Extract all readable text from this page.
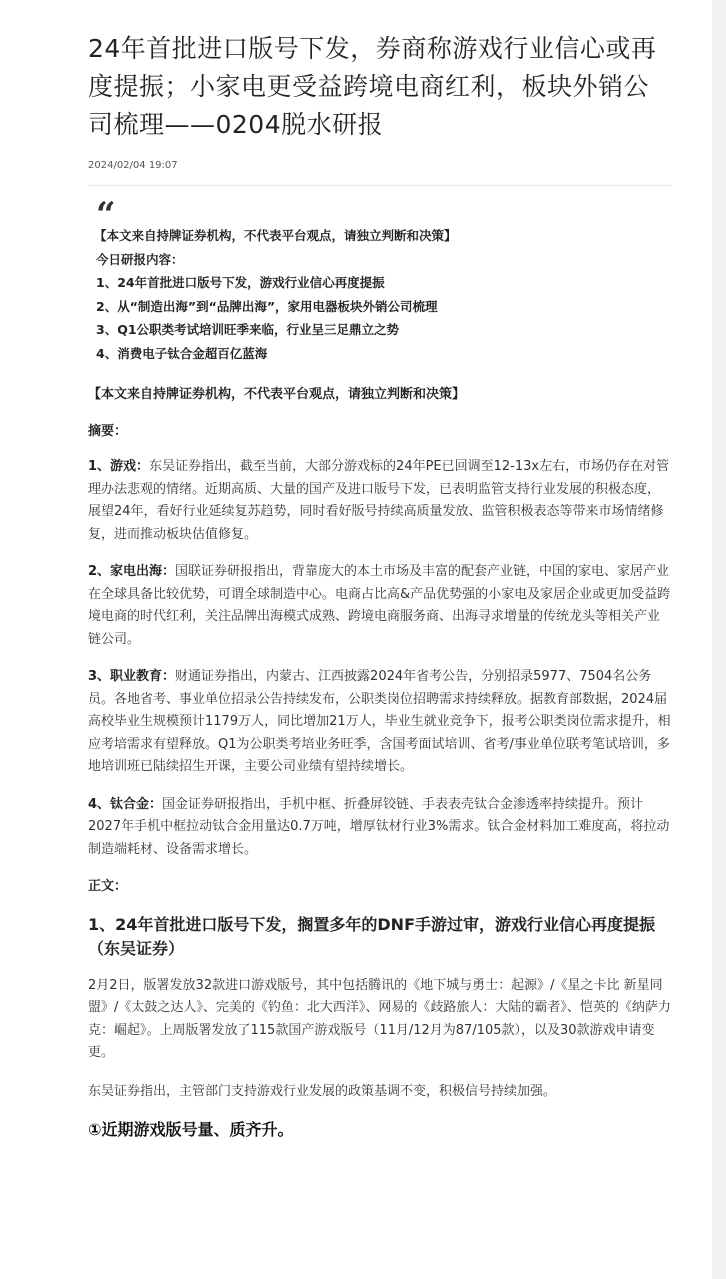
24年首批进口版号下发，券商称游戏行业信心或再度提振；小家电更受益跨境电商红利，板块外销公司梳理——0204脱水研报
2024/02/04 19:07
“
【本文来自持牌证券机构，不代表平台观点，请独立判断和决策】
今日研报内容：
1、24年首批进口版号下发，游戏行业信心再度提振
2、从“制造出海”到“品牌出海”，家用电器板块外销公司梳理
3、Q1公职类考试培训旺季来临，行业呈三足鼎立之势
4、消费电子钛合金超百亿蓝海

【本文来自持牌证券机构，不代表平台观点，请独立判断和决策】

摘要：

1、游戏：东吴证券指出，截至当前，大部分游戏标的24年PE已回调至12-13x左右，市场仍存在对管理办法悲观的情绪。近期高质、大量的国产及进口版号下发，已表明监管支持行业发展的积极态度，展望24年，看好行业延续复苏趋势，同时看好版号持续高质量发放、监管积极表态等带来市场情绪修复，进而推动板块估值修复。

2、家电出海：国联证券研报指出，背靠庞大的本土市场及丰富的配套产业链，中国的家电、家居产业在全球具备比较优势，可谓全球制造中心。电商占比高&产品优势强的小家电及家居企业或更加受益跨境电商的时代红利，关注品牌出海模式成熟、跨境电商服务商、出海寻求增量的传统龙头等相关产业链公司。

3、职业教育：财通证券指出，内蒙古、江西披露2024年省考公告，分别招录5977、7504名公务员。各地省考、事业单位招录公告持续发布，公职类岗位招聘需求持续释放。据教育部数据，2024届高校毕业生规模预计1179万人，同比增加21万人，毕业生就业竞争下，报考公职类岗位需求提升，相应考培需求有望释放。Q1为公职类考培业务旺季，含国考面试培训、省考/事业单位联考笔试培训，多地培训班已陆续招生开课，主要公司业绩有望持续增长。

4、钛合金：国金证券研报指出，手机中框、折叠屏铰链、手表表壳钛合金渗透率持续提升。预计2027年手机中框拉动钛合金用量达0.7万吨，增厚钛材行业3%需求。钛合金材料加工难度高，将拉动制造端耗材、设备需求增长。

正文：

1、24年首批进口版号下发，搁置多年的DNF手游过审，游戏行业信心再度提振（东吴证券）

2月2日，版署发放32款进口游戏版号，其中包括腾讯的《地下城与勇士：起源》/《星之卡比 新星同盟》/《太鼓之达人》、完美的《钓鱼：北大西洋》、网易的《歧路旅人：大陆的霸者》、恺英的《纳萨力克：崛起》。上周版署发放了115款国产游戏版号（11月/12月为87/105款），以及30款游戏申请变更。

东吴证券指出，主管部门支持游戏行业发展的政策基调不变，积极信号持续加强。

①近期游戏版号量、质齐升。
